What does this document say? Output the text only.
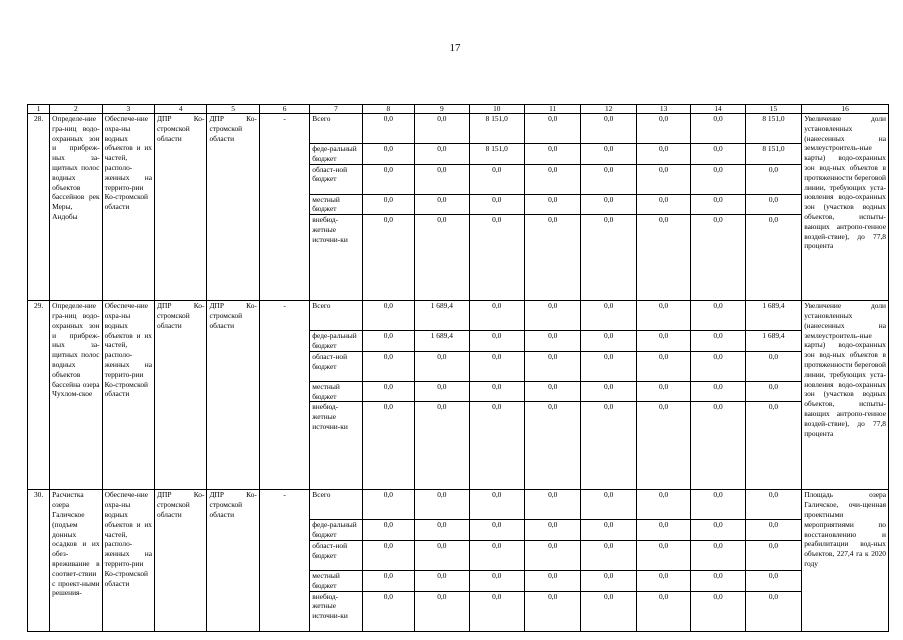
17
1	2	3	4	5	6	7	8	9	10	11	12	13	14	15	16
28.	Определе-ние гра-ниц водо-охранных зон и прибреж-ных за-щитных полос водных объектов бассейнов рек Меры, Андобы	Обеспече-ние охра-ны водных объектов и их частей, располо-женных на террито-рии Ко-стромской области	ДПР Ко-стромской области	ДПР Ко-стромской области	-	Всего	0,0	0,0	8 151,0	0,0	0,0	0,0	0,0	8 151,0	Увеличение доли установленных (нанесенных на землеустроитель-ные карты) водо-охранных зон вод-ных объектов в протяженности береговой линии, требующих уста-новления водо-охранных зон (участков водных объектов, испыты-вающих антропо-генное воздей-ствие), до 77,8 процента
						феде-ральный бюджет	0,0	0,0	8 151,0	0,0	0,0	0,0	0,0	8 151,0	
						област-ной бюджет	0,0	0,0	0,0	0,0	0,0	0,0	0,0	0,0	
						местный бюджет	0,0	0,0	0,0	0,0	0,0	0,0	0,0	0,0	
						внебюд-жетные источни-ки	0,0	0,0	0,0	0,0	0,0	0,0	0,0	0,0	
29.	Определе-ние гра-ниц водо-охранных зон и прибреж-ных за-щитных полос водных объектов бассейна озера Чухлом-ское	Обеспече-ние охра-ны водных объектов и их частей, располо-женных на террито-рии Ко-стромской области	ДПР Ко-стромской области	ДПР Ко-стромской области	-	Всего	0,0	1 689,4	0,0	0,0	0,0	0,0	0,0	1 689,4	Увеличение доли установленных (нанесенных на землеустроитель-ные карты) водо-охранных зон вод-ных объектов в протяженности береговой линии, требующих уста-новления водо-охранных зон (участков водных объектов, испыты-вающих антропо-генное воздей-ствие), до 77,8 процента
						феде-ральный бюджет	0,0	1 689,4	0,0	0,0	0,0	0,0	0,0	1 689,4	
						област-ной бюджет	0,0	0,0	0,0	0,0	0,0	0,0	0,0	0,0	
						местный бюджет	0,0	0,0	0,0	0,0	0,0	0,0	0,0	0,0	
						внебюд-жетные источни-ки	0,0	0,0	0,0	0,0	0,0	0,0	0,0	0,0	
30.	Расчистка озера Галичское (подъем донных осадков и их обез-вреживание в соответ-ствии с проект-ными решения-	Обеспече-ние охра-ны водных объектов и их частей, располо-женных на террито-рии Ко-стромской области	ДПР Ко-стромской области	ДПР Ко-стромской области	-	Всего	0,0	0,0	0,0	0,0	0,0	0,0	0,0	0,0	Площадь озера Галичское, очи-щенная проектными мероприятиями по восстановлению и реабилитации вод-ных объектов, 227,4 га к 2020 году
						феде-ральный бюджет	0,0	0,0	0,0	0,0	0,0	0,0	0,0	0,0	
						област-ной бюджет	0,0	0,0	0,0	0,0	0,0	0,0	0,0	0,0	
						местный бюджет	0,0	0,0	0,0	0,0	0,0	0,0	0,0	0,0	
						внебюд-жетные источни-ки	0,0	0,0	0,0	0,0	0,0	0,0	0,0	0,0	
